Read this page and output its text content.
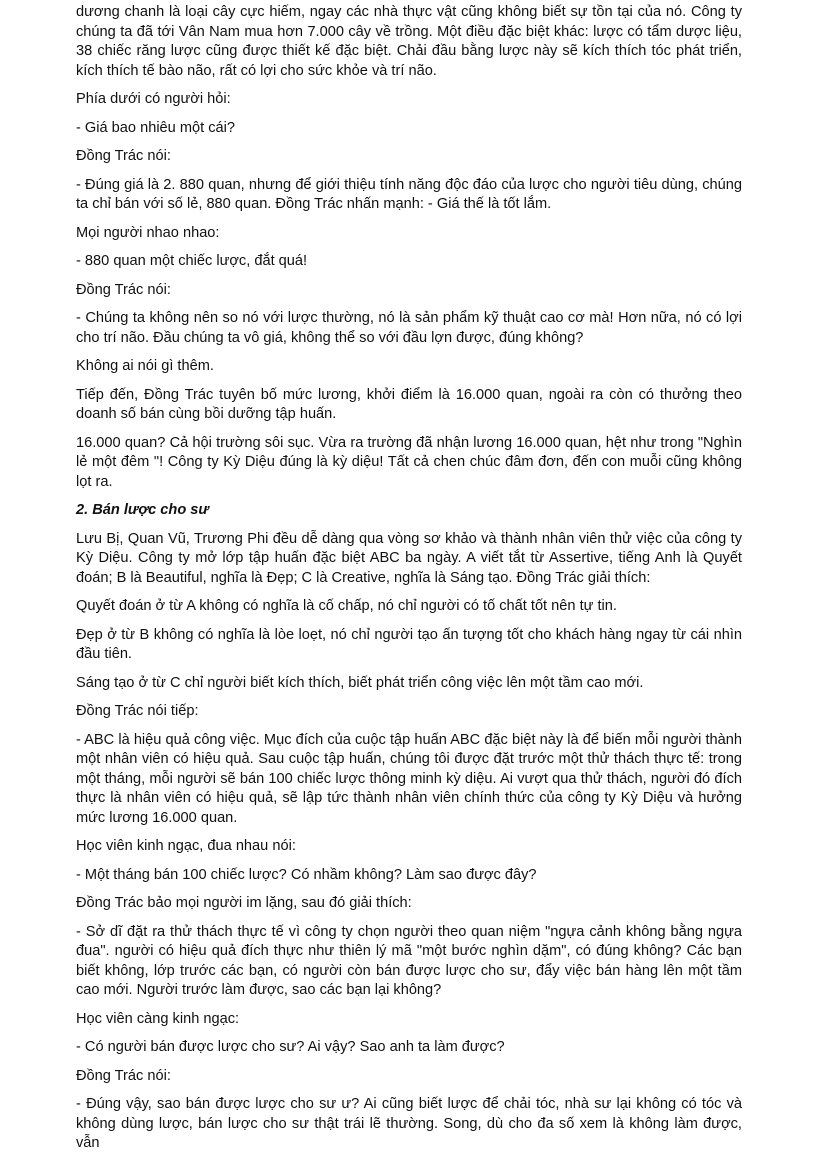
dương chanh là loại cây cực hiếm, ngay các nhà thực vật cũng không biết sự tồn tại của nó. Công ty chúng ta đã tới Vân Nam mua hơn 7.000 cây về trồng. Một điều đặc biệt khác: lược có tẩm dược liệu, 38 chiếc răng lược cũng được thiết kế đặc biệt. Chải đầu bằng lược này sẽ kích thích tóc phát triển, kích thích tế bào não, rất có lợi cho sức khỏe và trí não.

Phía dưới có người hỏi:

- Giá bao nhiêu một cái?

Đồng Trác nói:

- Đúng giá là 2. 880 quan, nhưng để giới thiệu tính năng độc đáo của lược cho người tiêu dùng, chúng ta chỉ bán với số lẻ, 880 quan. Đồng Trác nhấn mạnh: - Giá thế là tốt lắm.

Mọi người nhao nhao:

- 880 quan một chiếc lược, đắt quá!

Đồng Trác nói:

- Chúng ta không nên so nó với lược thường, nó là sản phẩm kỹ thuật cao cơ mà! Hơn nữa, nó có lợi cho trí não. Đầu chúng ta vô giá, không thể so với đầu lợn được, đúng không?

Không ai nói gì thêm.

Tiếp đến, Đồng Trác tuyên bố mức lương, khởi điểm là 16.000 quan, ngoài ra còn có thưởng theo doanh số bán cùng bồi dưỡng tập huấn.

16.000 quan? Cả hội trường sôi sục. Vừa ra trường đã nhận lương 16.000 quan, hệt như trong "Nghìn lẻ một đêm "! Công ty Kỳ Diệu đúng là kỳ diệu! Tất cả chen chúc đâm đơn, đến con muỗi cũng không lọt ra.

2. Bán lược cho sư

Lưu Bị, Quan Vũ, Trương Phi đều dễ dàng qua vòng sơ khảo và thành nhân viên thử việc của công ty Kỳ Diệu. Công ty mở lớp tập huấn đặc biệt ABC ba ngày. A viết tắt từ Assertive, tiếng Anh là Quyết đoán; B là Beautiful, nghĩa là Đẹp; C là Creative, nghĩa là Sáng tạo. Đồng Trác giải thích:

Quyết đoán ở từ A không có nghĩa là cố chấp, nó chỉ người có tố chất tốt nên tự tin.

Đẹp ở từ B không có nghĩa là lòe loẹt, nó chỉ người tạo ấn tượng tốt cho khách hàng ngay từ cái nhìn đầu tiên.

Sáng tạo ở từ C chỉ người biết kích thích, biết phát triển công việc lên một tầm cao mới.

Đồng Trác nói tiếp:

- ABC là hiệu quả công việc. Mục đích của cuộc tập huấn ABC đặc biệt này là để biến mỗi người thành một nhân viên có hiệu quả. Sau cuộc tập huấn, chúng tôi được đặt trước một thử thách thực tế: trong một tháng, mỗi người sẽ bán 100 chiếc lược thông minh kỳ diệu. Ai vượt qua thử thách, người đó đích thực là nhân viên có hiệu quả, sẽ lập tức thành nhân viên chính thức của công ty Kỳ Diệu và hưởng mức lương 16.000 quan.

Học viên kinh ngạc, đua nhau nói:

- Một tháng bán 100 chiếc lược? Có nhầm không? Làm sao được đây?

Đồng Trác bảo mọi người im lặng, sau đó giải thích:

- Sở dĩ đặt ra thử thách thực tế vì công ty chọn người theo quan niệm "ngựa cảnh không bằng ngựa đua". người có hiệu quả đích thực như thiên lý mã "một bước nghìn dặm", có đúng không? Các bạn biết không, lớp trước các bạn, có người còn bán được lược cho sư, đẩy việc bán hàng lên một tầm cao mới. Người trước làm được, sao các bạn lại không?

Học viên càng kinh ngạc:

- Có người bán được lược cho sư? Ai vậy? Sao anh ta làm được?

Đồng Trác nói:

- Đúng vậy, sao bán được lược cho sư ư? Ai cũng biết lược để chải tóc, nhà sư lại không có tóc và không dùng lược, bán lược cho sư thật trái lẽ thường. Song, dù cho đa số xem là không làm được, vẫn
